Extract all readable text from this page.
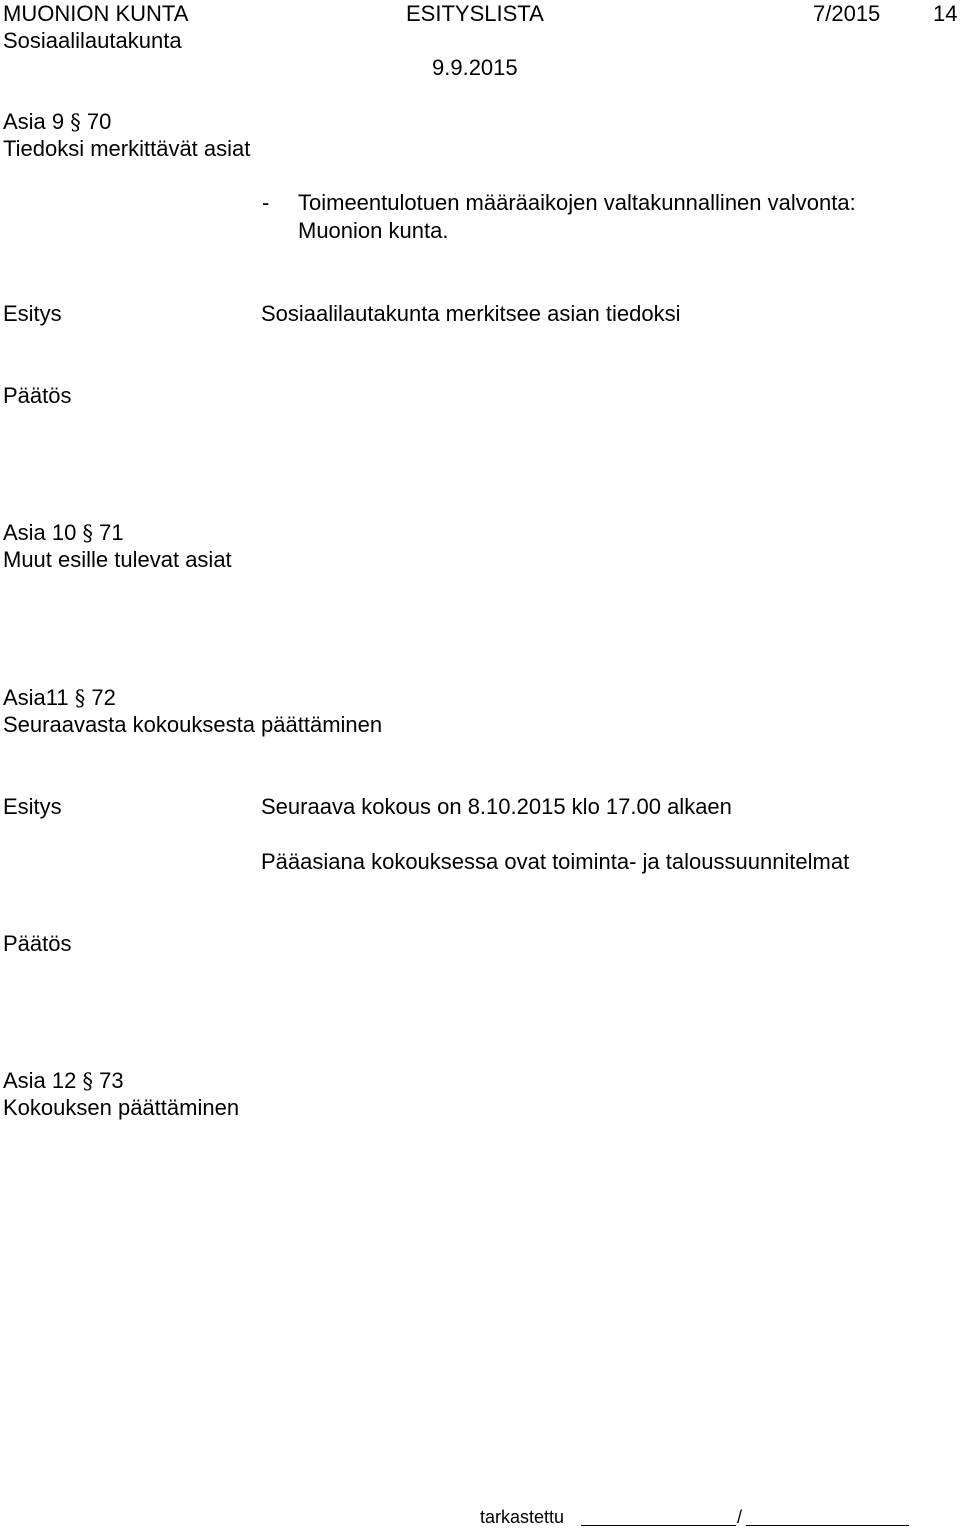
MUONION KUNTA	ESITYSLISTA	7/2015 14
Sosiaalilautakunta
9.9.2015
Asia 9 § 70
Tiedoksi merkittävät asiat
- Toimeentulotuen määräaikojen valtakunnallinen valvonta:
Muonion kunta.
Esitys	Sosiaalilautakunta merkitsee asian tiedoksi
Päätös
Asia 10 § 71
Muut esille tulevat asiat
Asia11 § 72
Seuraavasta kokouksesta päättäminen
Esitys	Seuraava kokous on 8.10.2015 klo 17.00 alkaen
Pääasiana kokouksessa ovat toiminta- ja taloussuunnitelmat
Päätös
Asia 12 § 73
Kokouksen päättäminen
tarkastettu	/
